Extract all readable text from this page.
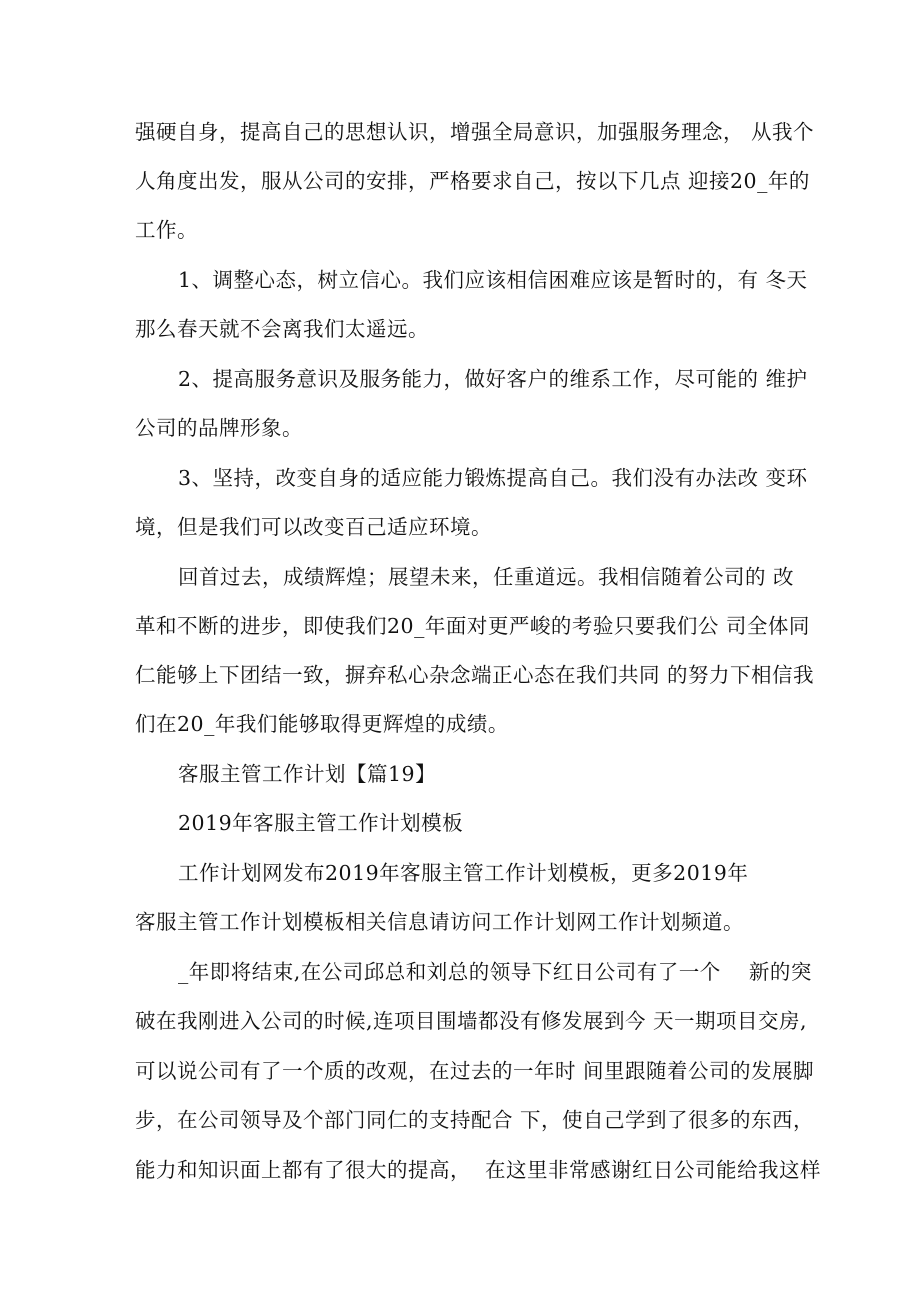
强硬自身，提高自己的思想认识，增强全局意识，加强服务理念， 从我个
人角度出发，服从公司的安排，严格要求自己，按以下几点 迎接20_年的
工作。
1、调整心态，树立信心。我们应该相信困难应该是暂时的，有 冬天
那么春天就不会离我们太遥远。
2、提高服务意识及服务能力，做好客户的维系工作，尽可能的 维护
公司的品牌形象。
3、坚持，改变自身的适应能力锻炼提高自己。我们没有办法改 变环
境，但是我们可以改变百己适应环境。
回首过去，成绩辉煌；展望未来，任重道远。我相信随着公司的 改
革和不断的进步，即使我们20_年面对更严峻的考验只要我们公 司全体同
仁能够上下团结一致，摒弃私心杂念端正心态在我们共同 的努力下相信我
们在20_年我们能够取得更辉煌的成绩。
客服主管工作计划【篇19】
2019年客服主管工作计划模板
工作计划网发布2019年客服主管工作计划模板，更多2019年
客服主管工作计划模板相关信息请访问工作计划网工作计划频道。
_年即将结束,在公司邱总和刘总的领导下红日公司有了一个    新的突
破在我刚进入公司的时候,连项目围墙都没有修发展到今 天一期项目交房,
可以说公司有了一个质的改观，在过去的一年时 间里跟随着公司的发展脚
步，在公司领导及个部门同仁的支持配合 下，使自己学到了很多的东西，
能力和知识面上都有了很大的提高，  在这里非常感谢红日公司能给我这样
